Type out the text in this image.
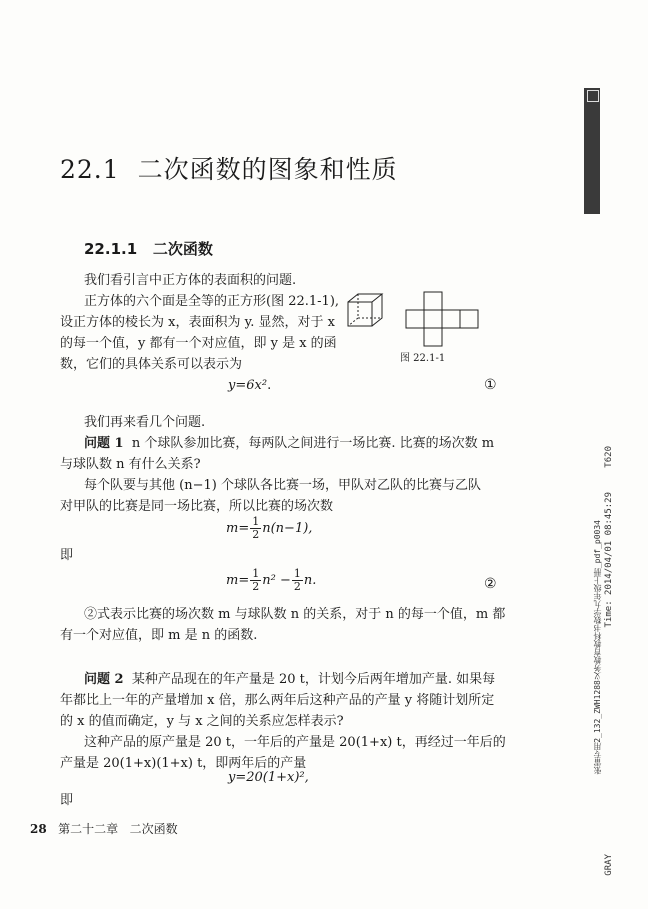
22.1 二次函数的图象和性质
22.1.1 二次函数
我们看引言中正方体的表面积的问题.
正方体的六个面是全等的正方形(图 22.1-1),
设正方体的棱长为 x，表面积为 y. 显然，对于 x
的每一个值，y 都有一个对应值，即 y 是 x 的函
数，它们的具体关系可以表示为	图 22.1-1
y=6x².	①
我们再来看几个问题.
问题 1 n 个球队参加比赛，每两队之间进行一场比赛. 比赛的场次数 m
与球队数 n 有什么关系?
每个队要与其他 (n−1) 个球队各比赛一场，甲队对乙队的比赛与乙队
对甲队的比赛是同一场比赛，所以比赛的场次数
$m= \frac{1}{2} n(n-1)$,
即
$m= \frac{1}{2} n^2 - \frac{1}{2} n$.	②
②式表示比赛的场次数 m 与球队数 n 的关系，对于 n 的每一个值，m 都
有一个对应值，即 m 是 n 的函数.
问题 2 某种产品现在的年产量是 20 t，计划今后两年增加产量. 如果每
年都比上一年的产量增加 x 倍，那么两年后这种产品的产量 y 将随计划所定
的 x 的值而确定，y 与 x 之间的关系应怎样表示?
这种产品的原产量是 20 t，一年后的产量是 20(1+x) t，再经过一年后的
产量是 20(1+x)(1+x) t，即两年后的产量
y=20(1+x)²,
即
28 第二十二章 二次函数
T620
Time: 2014/04/01 08:45:29
张雷专用2_132_ZWH1288义务教育教科书数学九年级上册_pdf_p0034
GRAY
